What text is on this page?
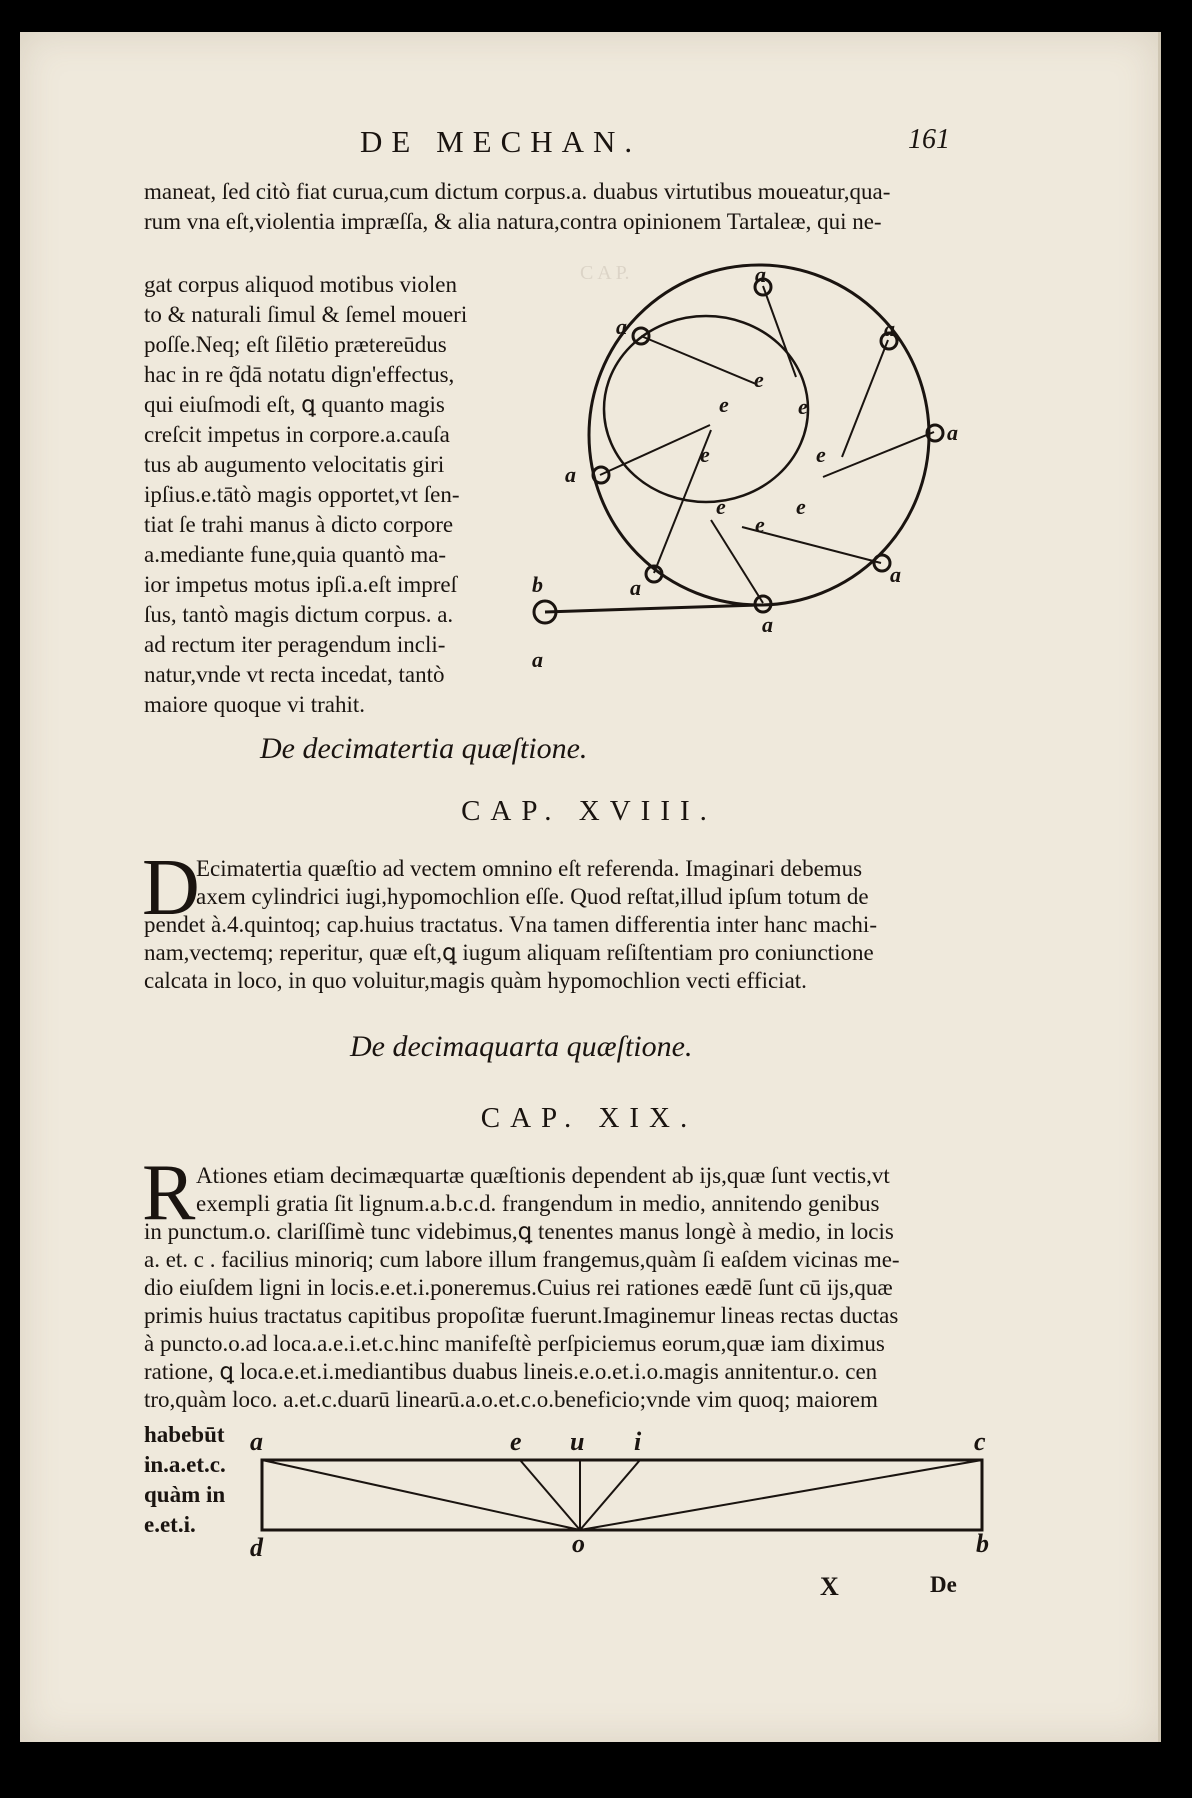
C A P.
DE MECHAN.	161
maneat, ſed citò fiat curua,cum dictum corpus.a. duabus virtutibus moueatur,qua-
rum vna eſt,violentia impræſſa, & alia natura,contra opinionem Tartaleæ, qui ne-
gat corpus aliquod motibus violen
to & naturali ſimul & ſemel moueri
poſſe.Neq; eſt ſilētio prætereūdus
hac in re q̃dā notatu dign'effectus,
qui eiuſmodi eſt, ꝗ quanto magis
creſcit impetus in corpore.a.cauſa
tus ab augumento velocitatis giri
ipſius.e.tātò magis opportet,vt ſen-
tiat ſe trahi manus à dicto corpore
a.mediante fune,quia quantò ma-
ior impetus motus ipſi.a.eſt impreſ
ſus, tantò magis dictum corpus. a.
ad rectum iter peragendum incli-
natur,vnde vt recta incedat, tantò
maiore quoque vi trahit.
a
a	a
a
a
a
a
a
a
b
e
e	e
e	e
e	e
e
De decimatertia quæſtione.
CAP. XVIII.
D
Ecimatertia quæſtio ad vectem omnino eſt referenda. Imaginari debemus
axem cylindrici iugi,hypomochlion eſſe. Quod reſtat,illud ipſum totum de
pendet à.4.quintoq; cap.huius tractatus. Vna tamen differentia inter hanc machi-
nam,vectemq; reperitur, quæ eſt,ꝗ iugum aliquam reſiſtentiam pro coniunctione
calcata in loco, in quo voluitur,magis quàm hypomochlion vecti efficiat.
De decimaquarta quæſtione.
CAP. XIX.
R Ationes etiam decimæquartæ quæſtionis dependent ab ijs,quæ ſunt vectis,vt
exempli gratia ſit lignum.a.b.c.d. frangendum in medio, annitendo genibus
in punctum.o. clariſſimè tunc videbimus,ꝗ tenentes manus longè à medio, in locis
a. et. c . facilius minoriq; cum labore illum frangemus,quàm ſi eaſdem vicinas me-
dio eiuſdem ligni in locis.e.et.i.poneremus.Cuius rei rationes eædē ſunt cū ijs,quæ
primis huius tractatus capitibus propoſitæ fuerunt.Imaginemur lineas rectas ductas
à puncto.o.ad loca.a.e.i.et.c.hinc manifeſtè perſpiciemus eorum,quæ iam diximus
ratione, ꝗ loca.e.et.i.mediantibus duabus lineis.e.o.et.i.o.magis annitentur.o. cen
tro,quàm loco. a.et.c.duarū linearū.a.o.et.c.o.beneficio;vnde vim quoq; maiorem
habebūt
in.a.et.c.
quàm in
e.et.i.
a	e u i	c
d	o	b
X	De
